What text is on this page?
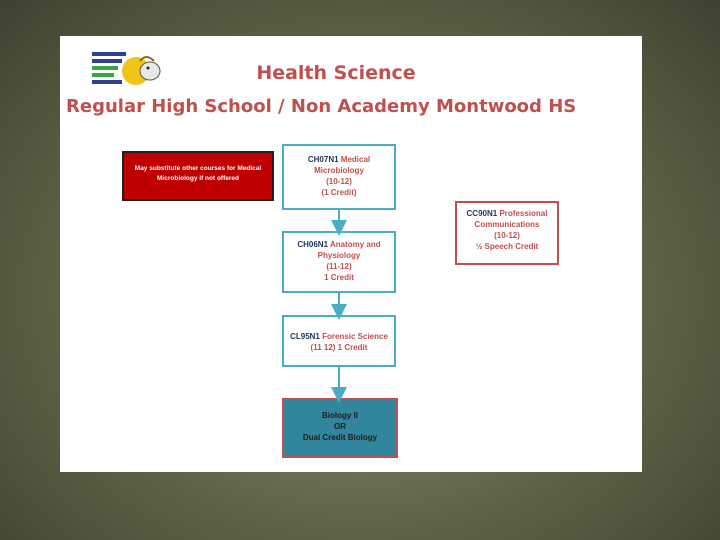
Health Science
Regular High School / Non Academy Montwood HS
May substitute other courses for Medical Microbiology if not offered
CH07N1 Medical
Microbiology
(10-12)
(1 Credit)
CH06N1 Anatomy and
Physiology
(11-12)
1 Credit
CL95N1 Forensic Science
(11 12) 1 Credit
Biology II
OR
Dual Credit Biology
CC90N1 Professional
Communications
(10-12)
½ Speech Credit
